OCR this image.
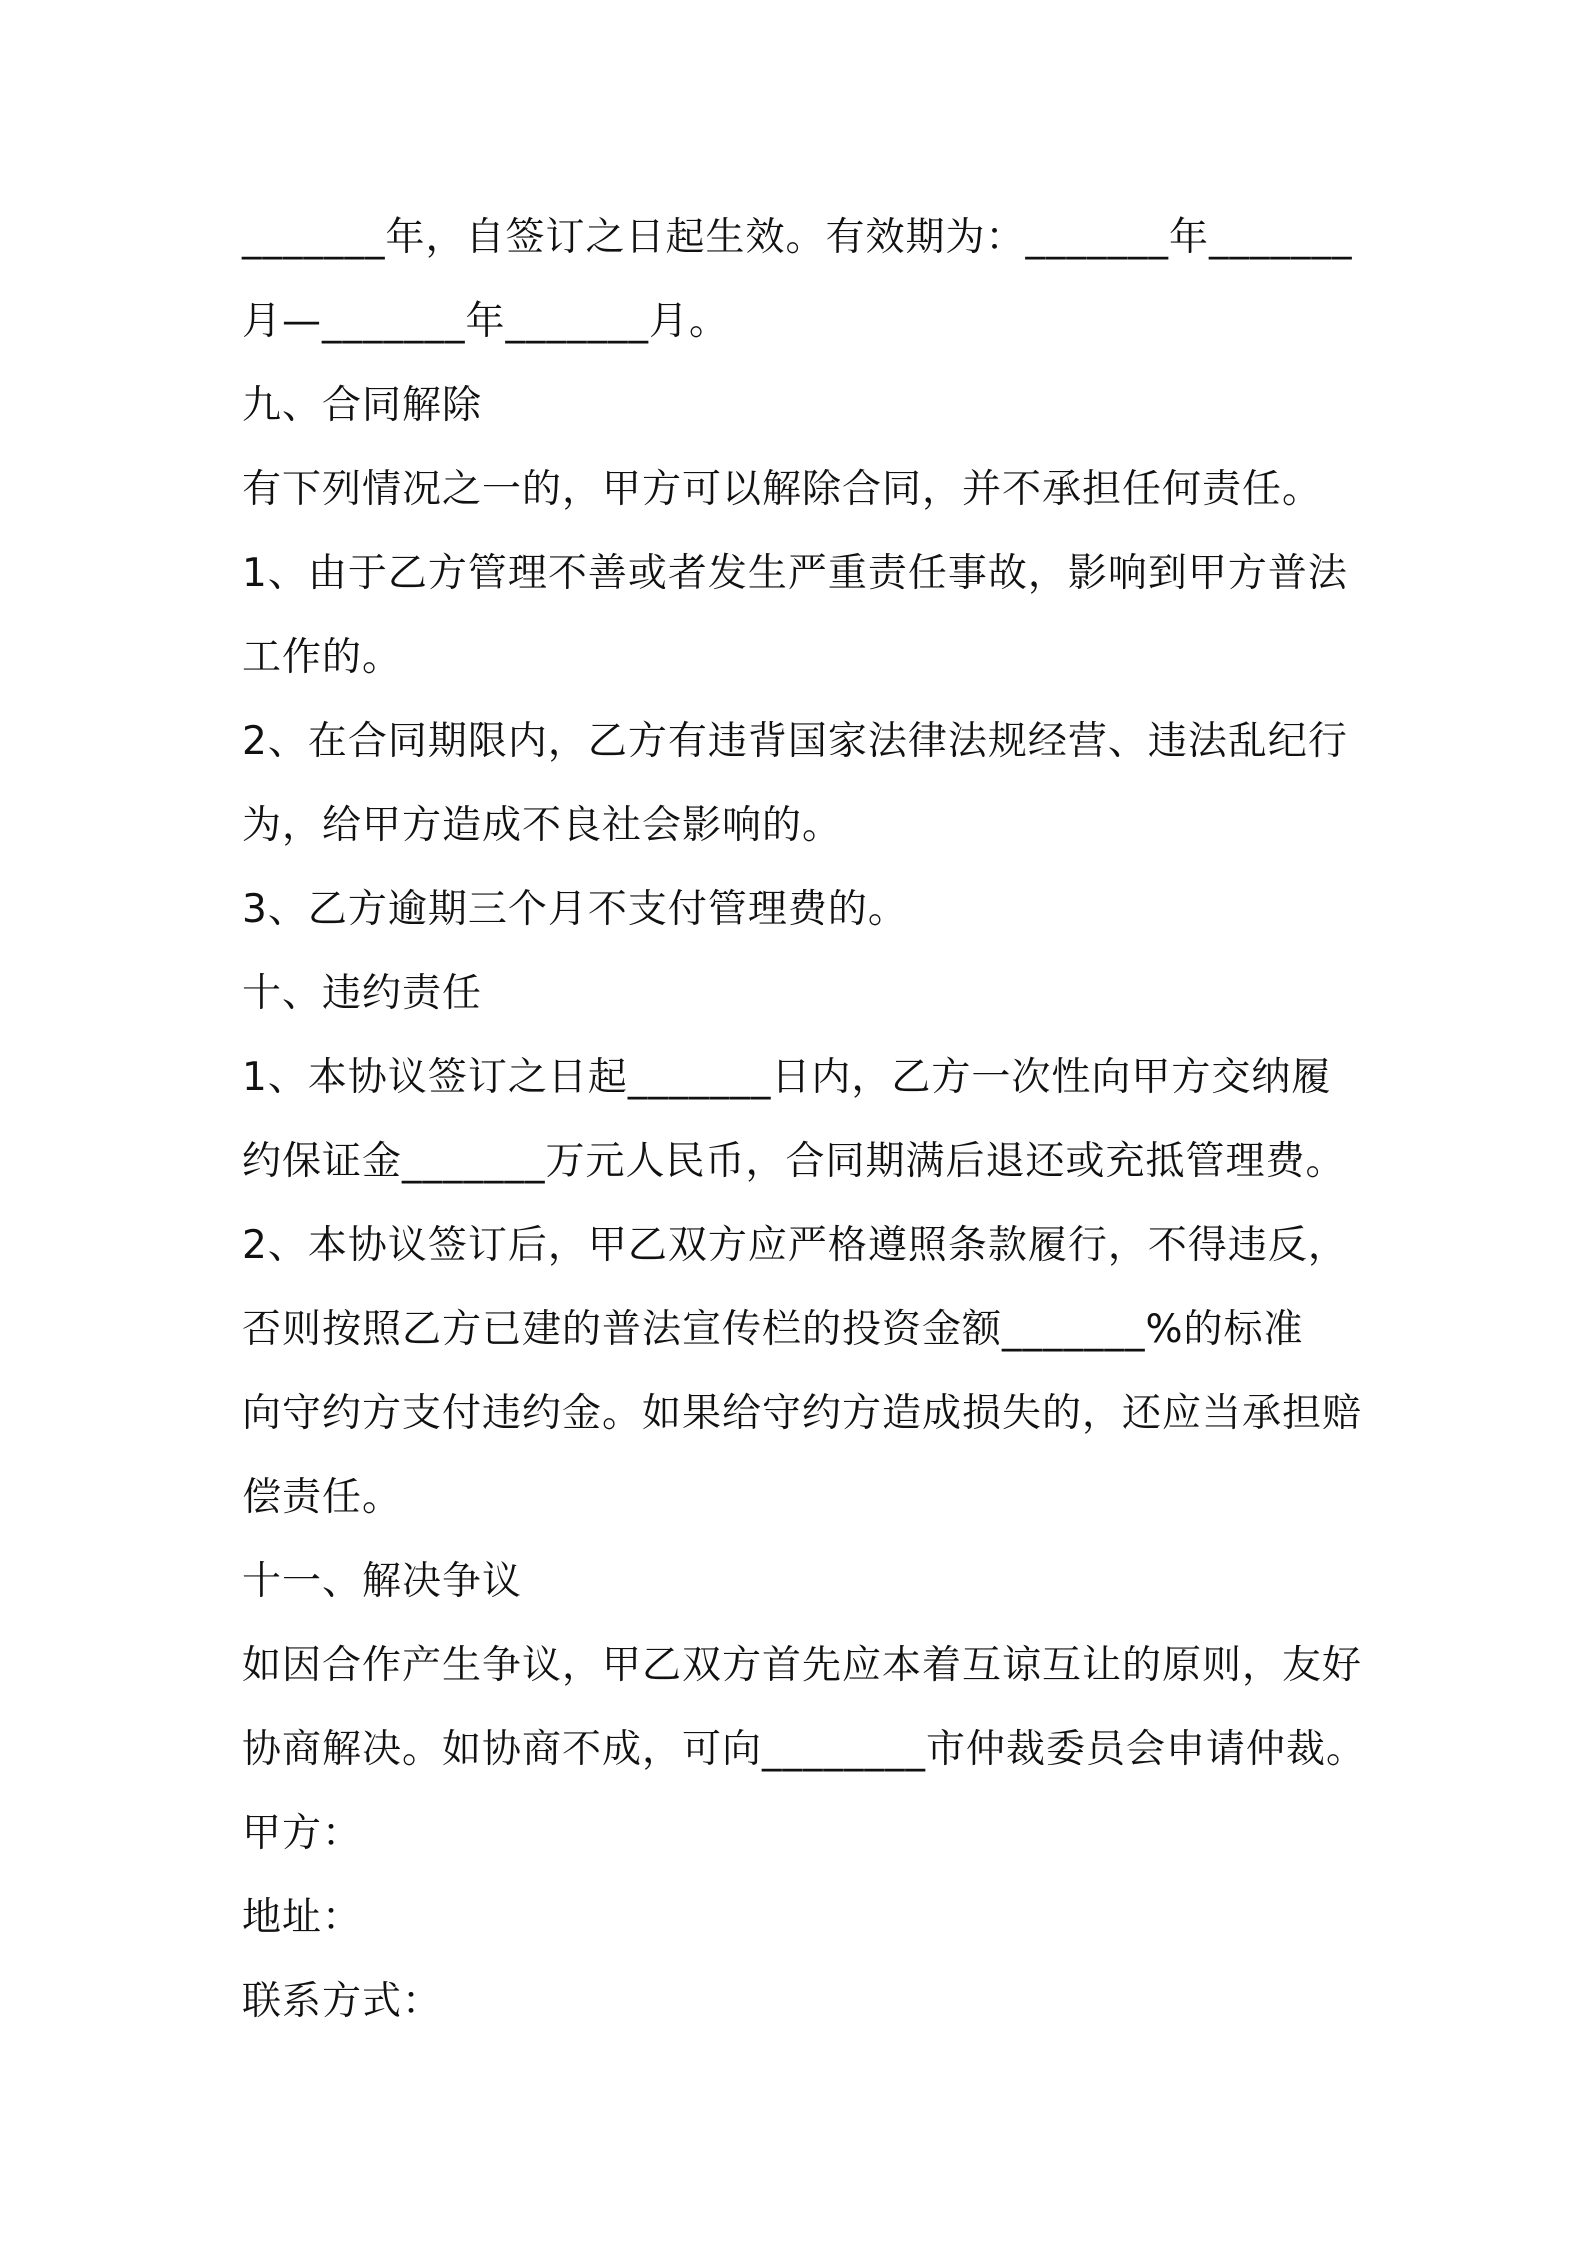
_______年，自签订之日起生效。有效期为：_______年_______
月—_______年_______月。
九、合同解除
有下列情况之一的，甲方可以解除合同，并不承担任何责任。
1、由于乙方管理不善或者发生严重责任事故，影响到甲方普法
工作的。
2、在合同期限内，乙方有违背国家法律法规经营、违法乱纪行
为，给甲方造成不良社会影响的。
3、乙方逾期三个月不支付管理费的。
十、违约责任
1、本协议签订之日起_______日内，乙方一次性向甲方交纳履
约保证金_______万元人民币，合同期满后退还或充抵管理费。
2、本协议签订后，甲乙双方应严格遵照条款履行，不得违反，
否则按照乙方已建的普法宣传栏的投资金额_______%的标准
向守约方支付违约金。如果给守约方造成损失的，还应当承担赔
偿责任。
十一、解决争议
如因合作产生争议，甲乙双方首先应本着互谅互让的原则，友好
协商解决。如协商不成，可向________市仲裁委员会申请仲裁。
甲方：
地址：
联系方式：
